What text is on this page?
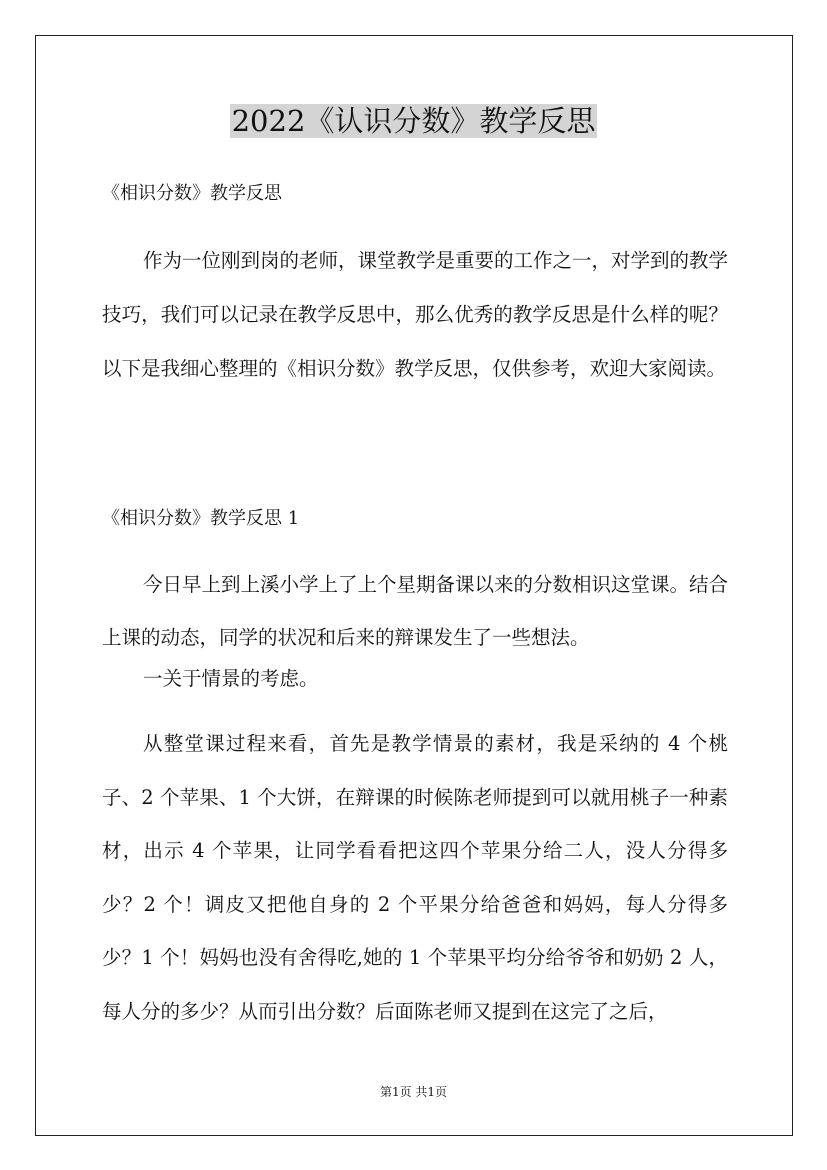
2022《认识分数》教学反思
《相识分数》教学反思
作为一位刚到岗的老师，课堂教学是重要的工作之一，对学到的教学技巧，我们可以记录在教学反思中，那么优秀的教学反思是什么样的呢？以下是我细心整理的《相识分数》教学反思，仅供参考，欢迎大家阅读。
《相识分数》教学反思 1
今日早上到上溪小学上了上个星期备课以来的分数相识这堂课。结合上课的动态，同学的状况和后来的辩课发生了一些想法。
一关于情景的考虑。
从整堂课过程来看，首先是教学情景的素材，我是采纳的 4 个桃子、2 个苹果、1 个大饼，在辩课的时候陈老师提到可以就用桃子一种素材，出示 4 个苹果，让同学看看把这四个苹果分给二人，没人分得多少？2 个！调皮又把他自身的 2 个平果分给爸爸和妈妈，每人分得多少？1 个！妈妈也没有舍得吃,她的 1 个苹果平均分给爷爷和奶奶 2 人，每人分的多少？从而引出分数？后面陈老师又提到在这完了之后，
第1页 共1页
